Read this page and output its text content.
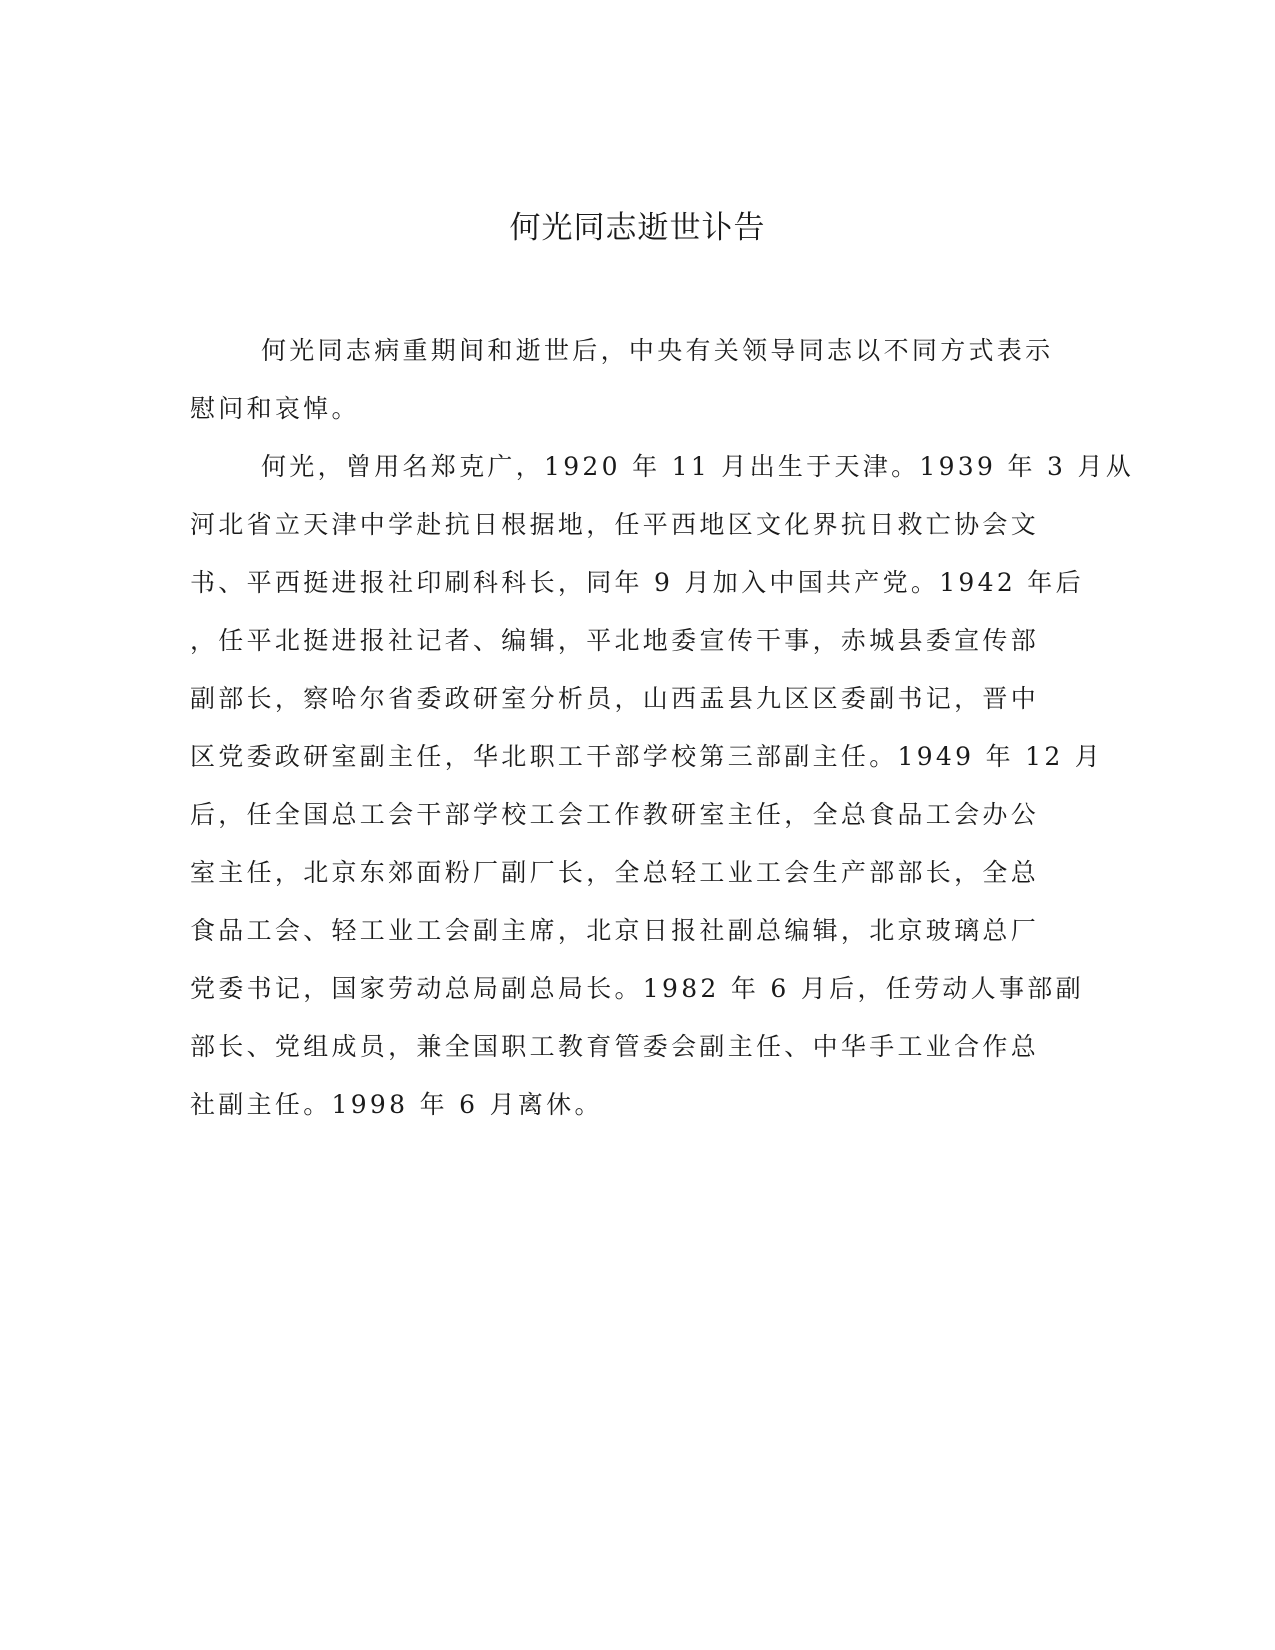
何光同志逝世讣告
何光同志病重期间和逝世后，中央有关领导同志以不同方式表示
慰问和哀悼。
何光，曾用名郑克广，1920 年 11 月出生于天津。1939 年 3 月从
河北省立天津中学赴抗日根据地，任平西地区文化界抗日救亡协会文
书、平西挺进报社印刷科科长，同年 9 月加入中国共产党。1942 年后
，任平北挺进报社记者、编辑，平北地委宣传干事，赤城县委宣传部
副部长，察哈尔省委政研室分析员，山西盂县九区区委副书记，晋中
区党委政研室副主任，华北职工干部学校第三部副主任。1949 年 12 月
后，任全国总工会干部学校工会工作教研室主任，全总食品工会办公
室主任，北京东郊面粉厂副厂长，全总轻工业工会生产部部长，全总
食品工会、轻工业工会副主席，北京日报社副总编辑，北京玻璃总厂
党委书记，国家劳动总局副总局长。1982 年 6 月后，任劳动人事部副
部长、党组成员，兼全国职工教育管委会副主任、中华手工业合作总
社副主任。1998 年 6 月离休。
